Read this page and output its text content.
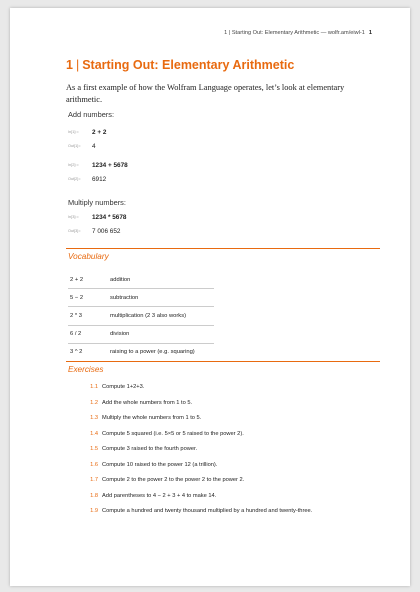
1 | Starting Out: Elementary Arithmetic — wolfr.am/eiwl-1 1
1 | Starting Out: Elementary Arithmetic
As a first example of how the Wolfram Language operates, let’s look at elementary arithmetic.
Add numbers:
In[1]:= 2 + 2
Out[1]= 4
In[2]:= 1234 + 5678
Out[2]= 6912
Multiply numbers:
In[3]:= 1234 * 5678
Out[3]= 7 006 652
Vocabulary
2 + 2	addition
5 − 2	subtraction
2 * 3	multiplication (2 3 also works)
6 / 2	division
3 ^ 2	raising to a power (e.g. squaring)
Exercises
1.1 Compute 1+2+3.
1.2 Add the whole numbers from 1 to 5.
1.3 Multiply the whole numbers from 1 to 5.
1.4 Compute 5 squared (i.e. 5×5 or 5 raised to the power 2).
1.5 Compute 3 raised to the fourth power.
1.6 Compute 10 raised to the power 12 (a trillion).
1.7 Compute 2 to the power 2 to the power 2 to the power 2.
1.8 Add parentheses to 4 − 2 + 3 + 4 to make 14.
1.9 Compute a hundred and twenty thousand multiplied by a hundred and twenty-three.
